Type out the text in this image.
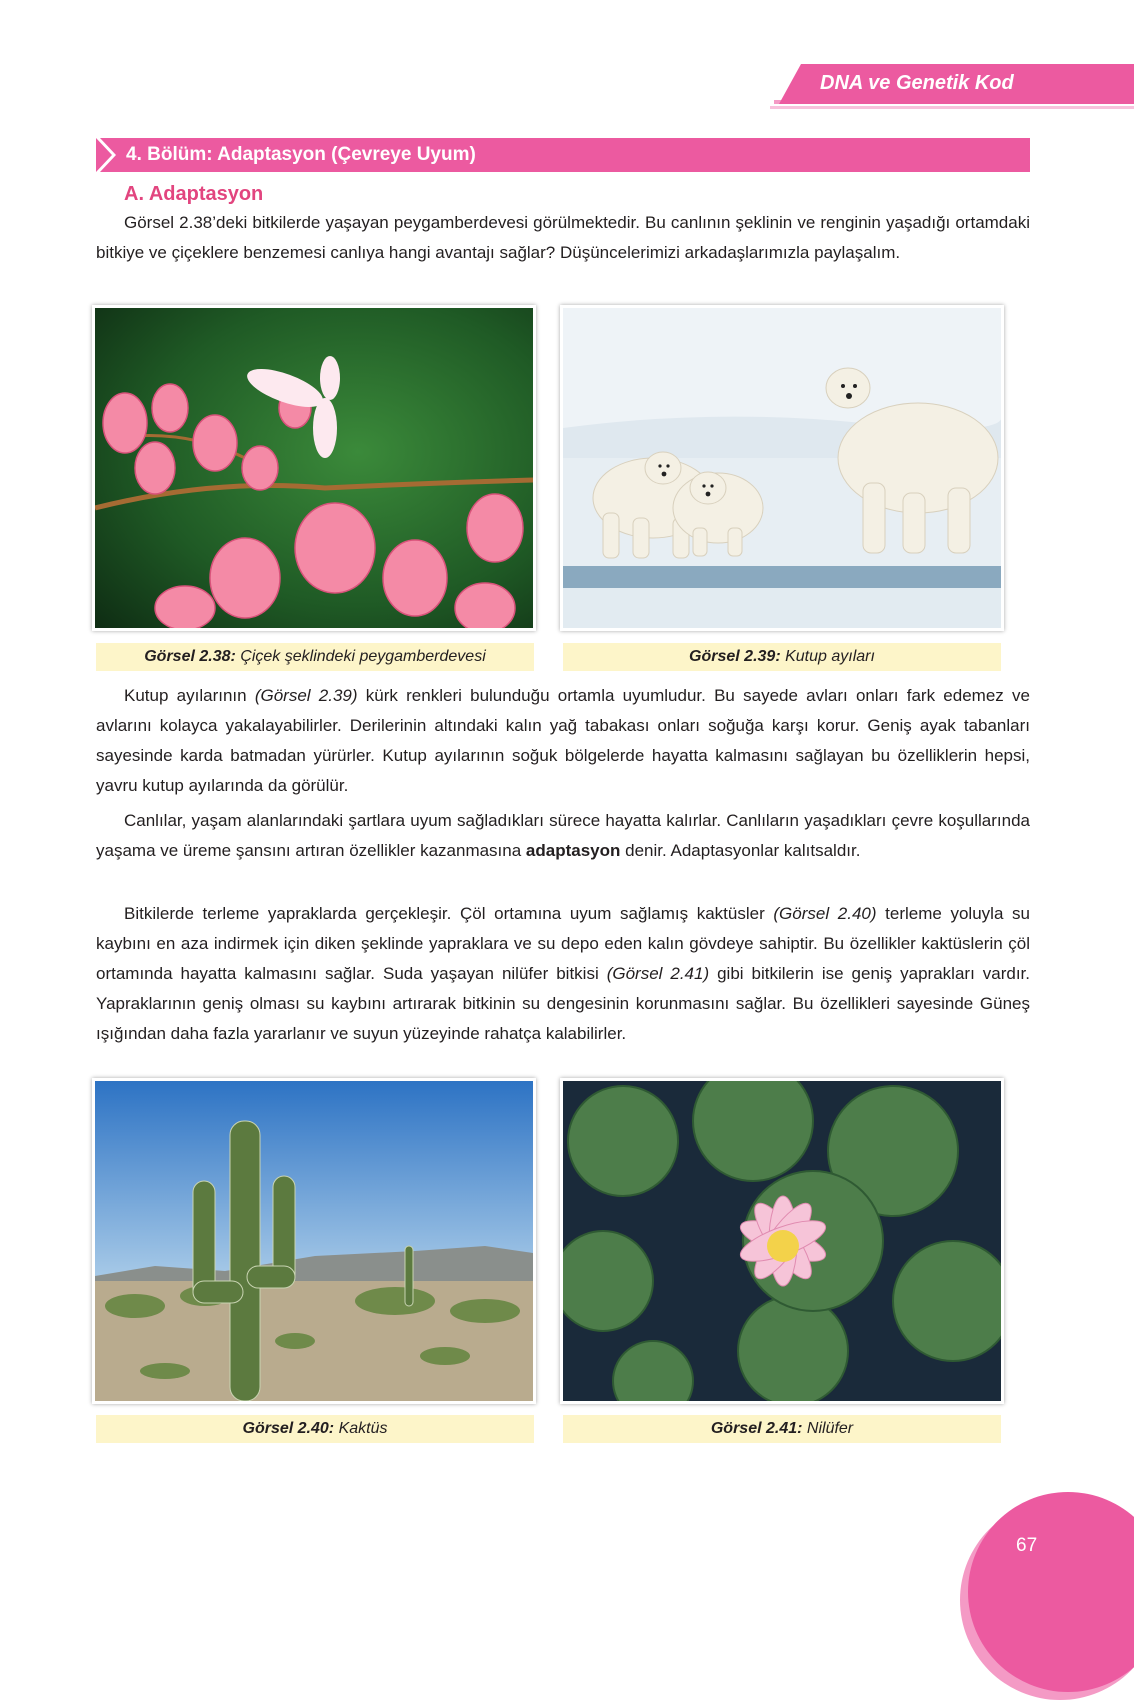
DNA ve Genetik Kod
4. Bölüm: Adaptasyon (Çevreye Uyum)
A. Adaptasyon
Görsel 2.38’deki bitkilerde yaşayan peygamberdevesi görülmektedir. Bu canlının şeklinin ve renginin yaşadığı ortamdaki bitkiye ve çiçeklere benzemesi canlıya hangi avantajı sağlar? Düşüncelerimizi arkadaşlarımızla paylaşalım.
Görsel 2.38: Çiçek şeklindeki peygamberdevesi	Görsel 2.39: Kutup ayıları
Kutup ayılarının (Görsel 2.39) kürk renkleri bulunduğu ortamla uyumludur. Bu sayede avları onları fark edemez ve avlarını kolayca yakalayabilirler. Derilerinin altındaki kalın yağ tabakası onları soğuğa karşı korur. Geniş ayak tabanları sayesinde karda batmadan yürürler. Kutup ayılarının soğuk bölgelerde hayatta kalmasını sağlayan bu özelliklerin hepsi, yavru kutup ayılarında da görülür.
Canlılar, yaşam alanlarındaki şartlara uyum sağladıkları sürece hayatta kalırlar. Canlıların yaşadıkları çevre koşullarında yaşama ve üreme şansını artıran özellikler kazanmasına adaptasyon denir. Adaptasyonlar kalıtsaldır.
Bitkilerde terleme yapraklarda gerçekleşir. Çöl ortamına uyum sağlamış kaktüsler (Görsel 2.40) terleme yoluyla su kaybını en aza indirmek için diken şeklinde yapraklara ve su depo eden kalın gövdeye sahiptir. Bu özellikler kaktüslerin çöl ortamında hayatta kalmasını sağlar. Suda yaşayan nilüfer bitkisi (Görsel 2.41) gibi bitkilerin ise geniş yaprakları vardır. Yapraklarının geniş olması su kaybını artırarak bitkinin su dengesinin korunmasını sağlar. Bu özellikleri sayesinde Güneş ışığından daha fazla yararlanır ve suyun yüzeyinde rahatça kalabilirler.
Görsel 2.40: Kaktüs	Görsel 2.41: Nilüfer
67
